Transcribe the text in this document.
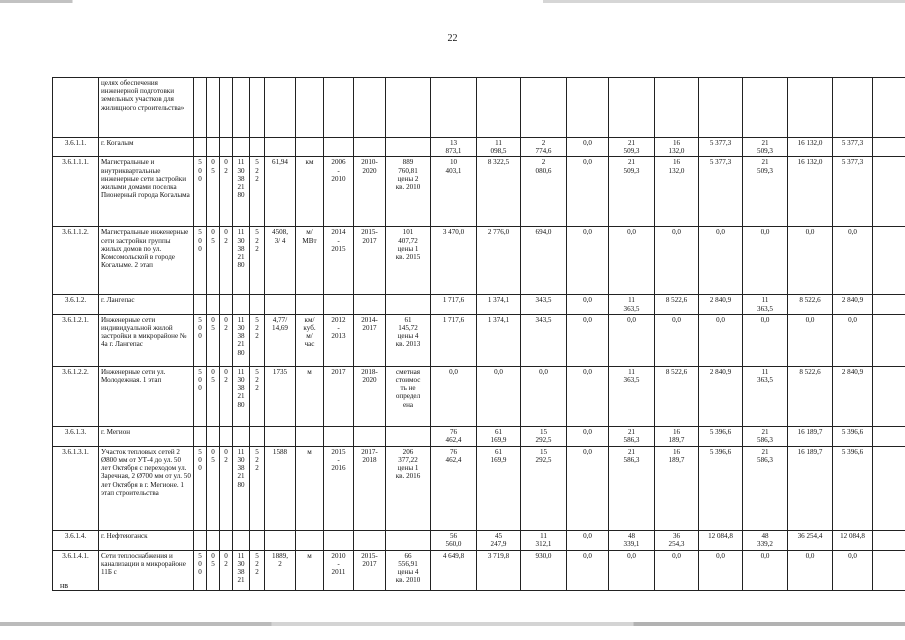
22
	целях обеспечения инженерной подготовки земельных участков для жилищного строительства»																					
3.6.1.1.	г. Когалым											13
873,1	11
098,5	2
774,6	0,0	21
509,3	16
132,0	5 377,3	21
509,3	16 132,0	5 377,3	
3.6.1.1.1.	Магистральные и внутриквартальные инженерные сети застройки жилыми домами поселка Пионерный города Когалыма	5
0
0	0
5	0
2	11
30
38
21
80	5
2
2	61,94	км	2006
-
2010	2010-
2020	889
760,81
цены 2
кв. 2010	10
403,1	8 322,5	2
080,6	0,0	21
509,3	16
132,0	5 377,3	21
509,3	16 132,0	5 377,3	
3.6.1.1.2.	Магистральные инженерные сети застройки группы жилых домов по ул. Комсомольской в городе Когалыме. 2 этап	5
0
0	0
5	0
2	11
30
38
21
80	5
2
2	4508,
3/ 4	м/
МВт	2014
-
2015	2015-
2017	101
407,72
цены 1
кв. 2015	3 470,0	2 776,0	694,0	0,0	0,0	0,0	0,0	0,0	0,0	0,0	
3.6.1.2.	г. Лангепас											1 717,6	1 374,1	343,5	0,0	11
363,5	8 522,6	2 840,9	11
363,5	8 522,6	2 840,9	
3.6.1.2.1.	Инженерные сети индивидуальной жилой застройки в микрорайоне № 4а г. Лангепас	5
0
0	0
5	0
2	11
30
38
21
80	5
2
2	4,77/
14,69	км/
куб.
м/
час	2012
-
2013	2014-
2017	61
145,72
цены 4
кв. 2013	1 717,6	1 374,1	343,5	0,0	0,0	0,0	0,0	0,0	0,0	0,0	
3.6.1.2.2.	Инженерные сети ул. Молодежная. 1 этап	5
0
0	0
5	0
2	11
30
38
21
80	5
2
2	1735	м	2017	2018-
2020	сметная
стоимос
ть не
определ
ена	0,0	0,0	0,0	0,0	11
363,5	8 522,6	2 840,9	11
363,5	8 522,6	2 840,9	
3.6.1.3.	г. Мегион											76
462,4	61
169,9	15
292,5	0,0	21
586,3	16
189,7	5 396,6	21
586,3	16 189,7	5 396,6	
3.6.1.3.1.	Участок тепловых сетей 2 Ø800 мм от УТ-4 до ул. 50 лет Октября с переходом ул. Заречная, 2 Ø700 мм от ул. 50 лет Октября в г. Мегионе. 1 этап строительства	5
0
0	0
5	0
2	11
30
38
21
80	5
2
2	1588	м	2015
-
2016	2017-
2018	206
377,22
цены 1
кв. 2016	76
462,4	61
169,9	15
292,5	0,0	21
586,3	16
189,7	5 396,6	21
586,3	16 189,7	5 396,6	
3.6.1.4.	г. Нефтеюганск											56
560,0	45
247,9	11
312,1	0,0	48
339,1	36
254,3	12 084,8	48
339,2	36 254,4	12 084,8	
3.6.1.4.1.	Сети теплоснабжения и канализации в микрорайоне 11Б с	5
0
0	0
5	0
2	11
30
38
21	5
2
2	1889,
2	м	2010
-
2011	2015-
2017	66
556,91
цены 4
кв. 2010	4 649,8	3 719,8	930,0	0,0	0,0	0,0	0,0	0,0	0,0	0,0	
нв
